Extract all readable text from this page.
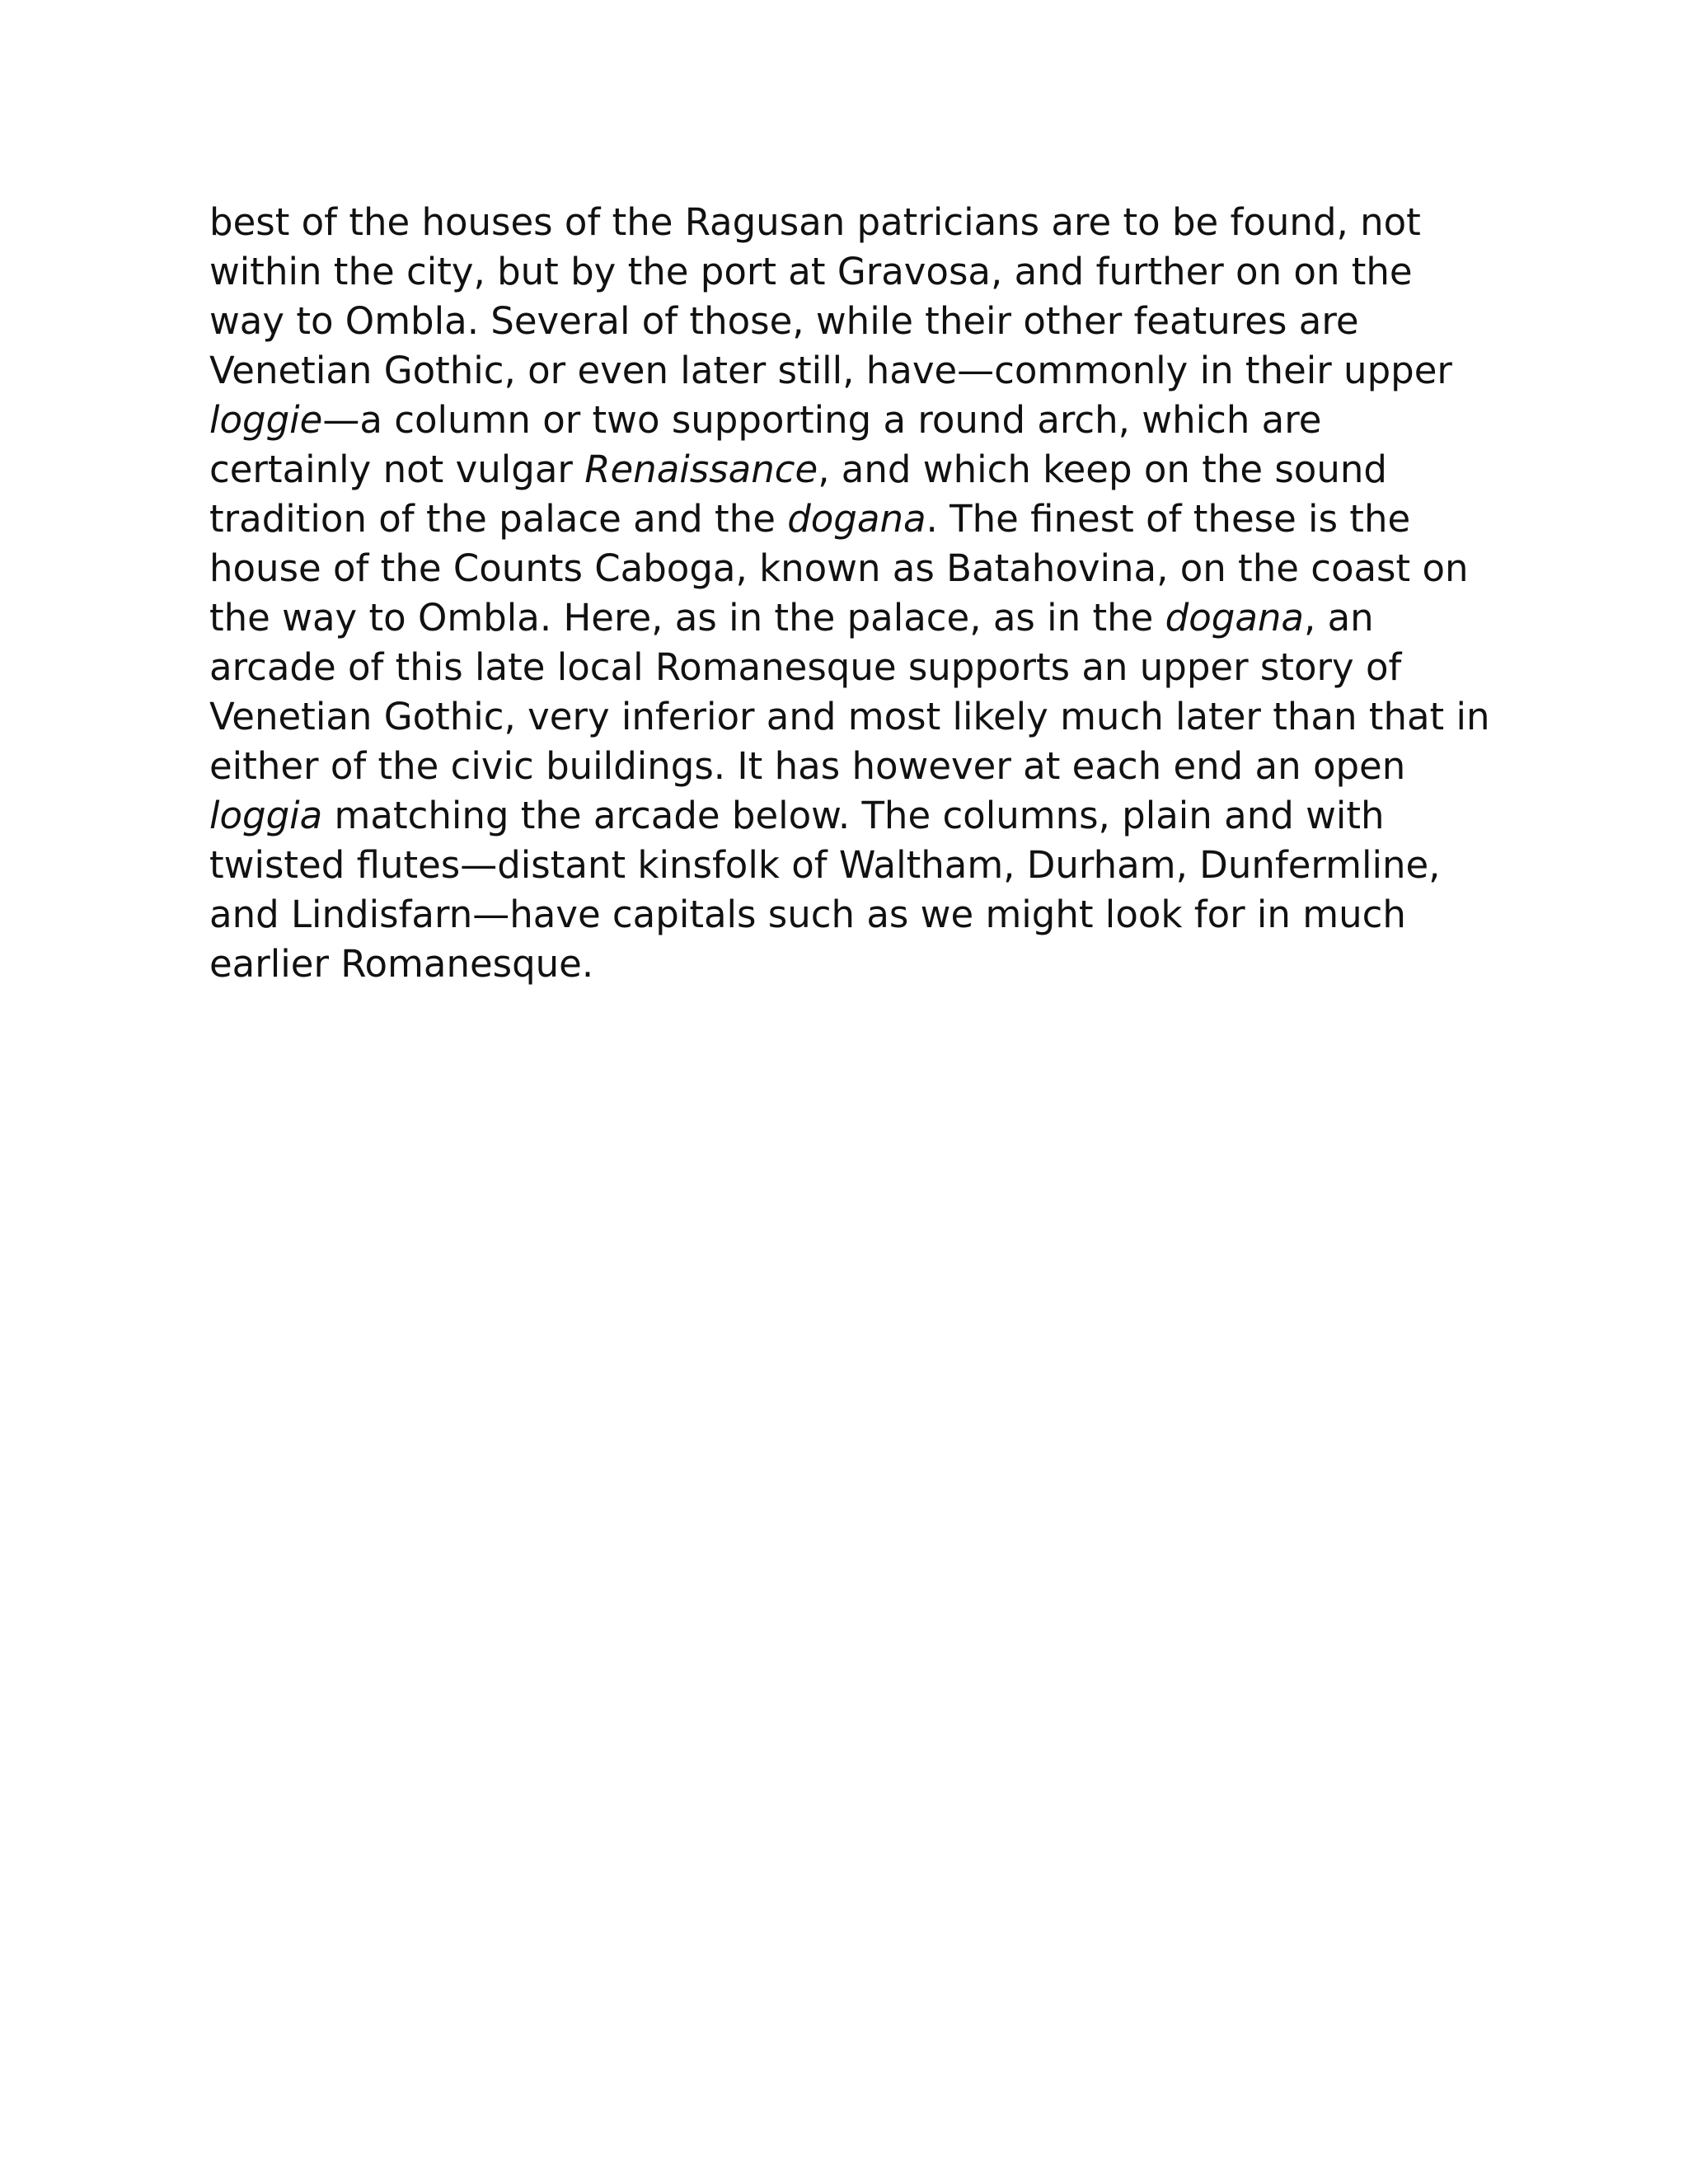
best of the houses of the Ragusan patricians are to be found, not
within the city, but by the port at Gravosa, and further on on the
way to Ombla. Several of those, while their other features are
Venetian Gothic, or even later still, have—commonly in their upper
loggie—a column or two supporting a round arch, which are
certainly not vulgar Renaissance, and which keep on the sound
tradition of the palace and the dogana. The finest of these is the
house of the Counts Caboga, known as Batahovina, on the coast on
the way to Ombla. Here, as in the palace, as in the dogana, an
arcade of this late local Romanesque supports an upper story of
Venetian Gothic, very inferior and most likely much later than that in
either of the civic buildings. It has however at each end an open
loggia matching the arcade below. The columns, plain and with
twisted flutes—distant kinsfolk of Waltham, Durham, Dunfermline,
and Lindisfarn—have capitals such as we might look for in much
earlier Romanesque.
